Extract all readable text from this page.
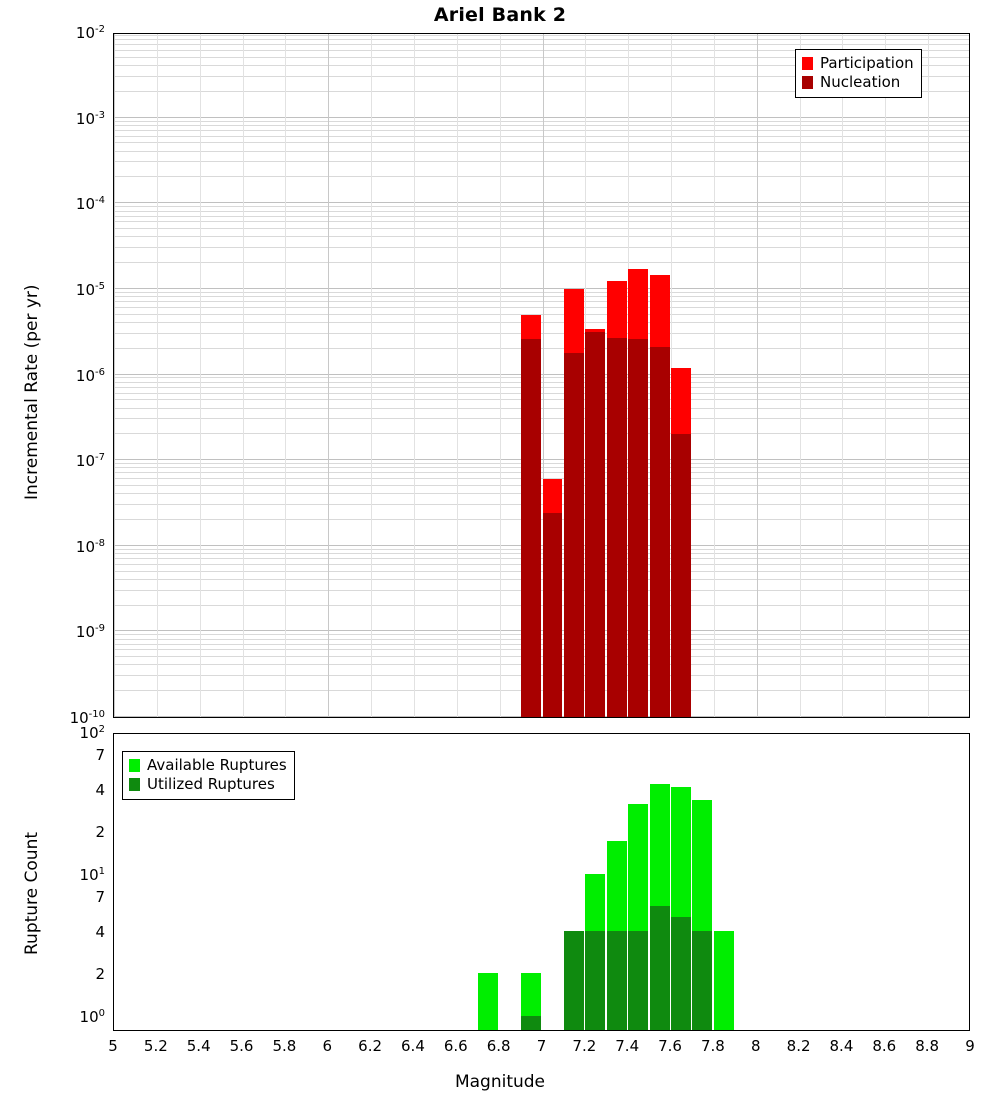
Ariel Bank 2
$10^{-2}$
$10^{-3}$
$10^{-4}$
$10^{-5}$
$10^{-6}$
$10^{-7}$
$10^{-8}$
$10^{-9}$
$10^{-10}$
Participation
Nucleation
Incremental Rate (per yr)
$10^2$
7
4
2
$10^1$
7
4
2
$10^0$
Available Ruptures
Utilized Ruptures
Rupture Count
5 5.2 5.4 5.6 5.8 6 6.2 6.4 6.6 6.8 7 7.2 7.4 7.6 7.8 8 8.2 8.4 8.6 8.8 9
Magnitude
